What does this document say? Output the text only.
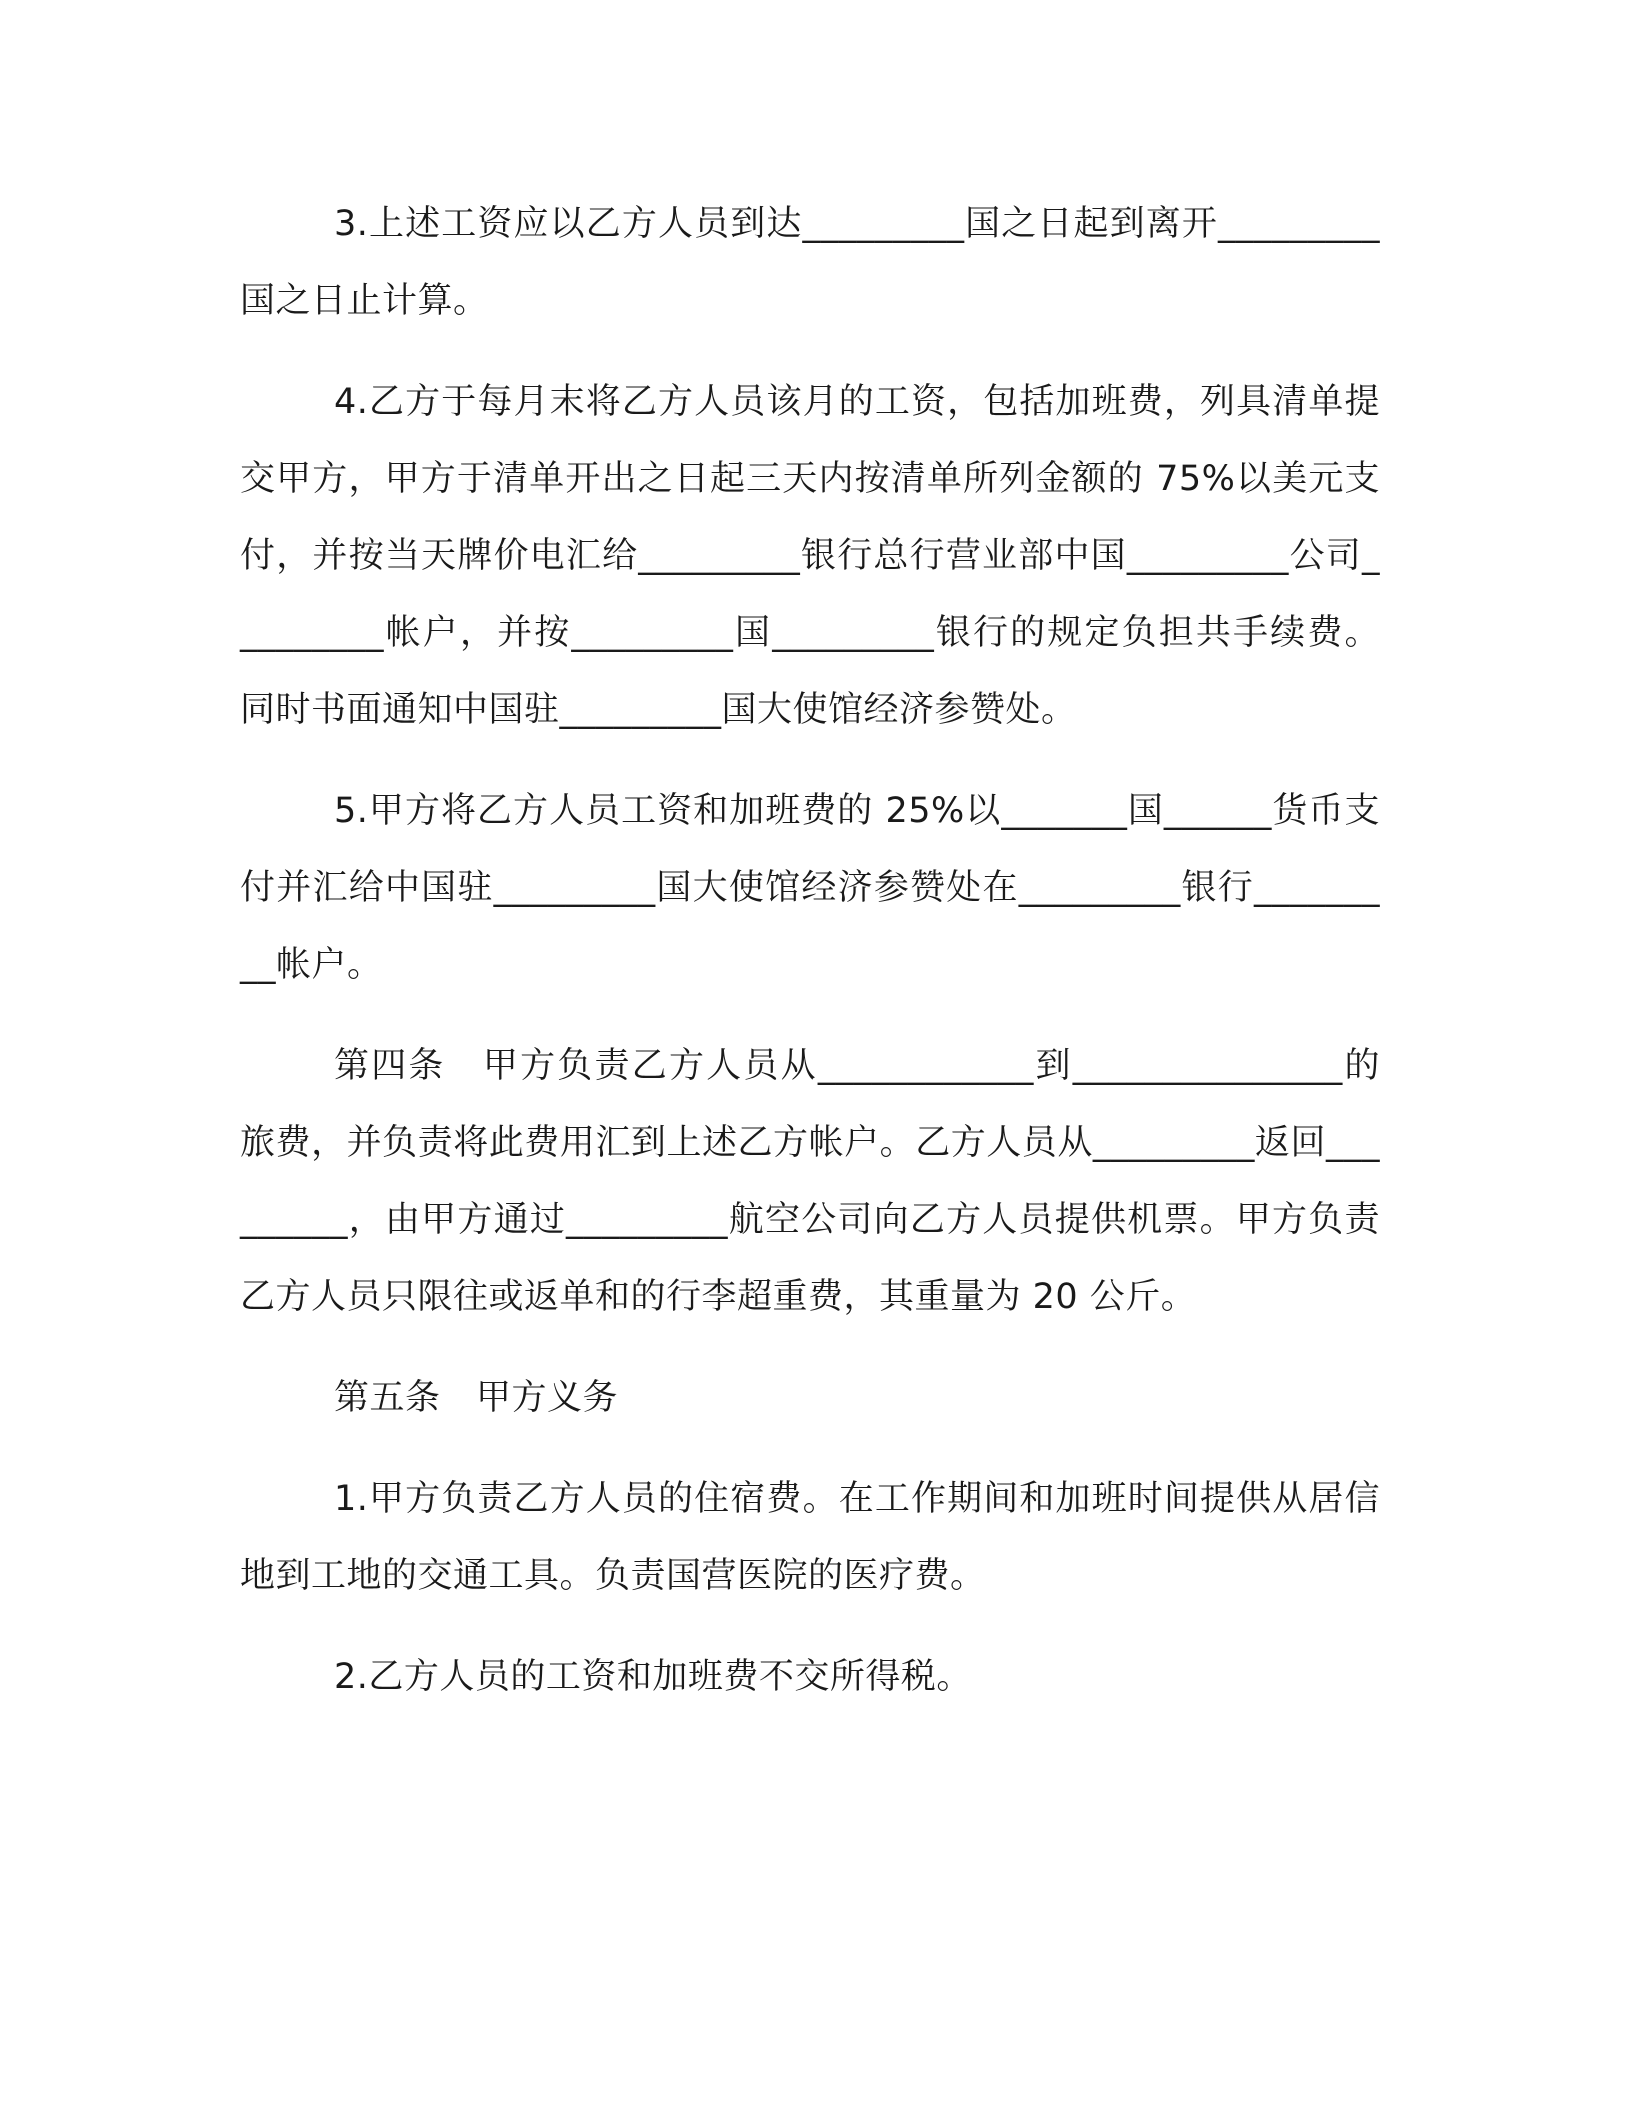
3.上述工资应以乙方人员到达_________国之日起到离开_________国之日止计算。

4.乙方于每月末将乙方人员该月的工资，包括加班费，列具清单提交甲方，甲方于清单开出之日起三天内按清单所列金额的 75%以美元支付，并按当天牌价电汇给_________银行总行营业部中国_________公司_________帐户，并按_________国_________银行的规定负担共手续费。同时书面通知中国驻_________国大使馆经济参赞处。

5.甲方将乙方人员工资和加班费的 25%以_______国______货币支付并汇给中国驻_________国大使馆经济参赞处在_________银行_________帐户。

第四条　甲方负责乙方人员从____________到_______________的旅费，并负责将此费用汇到上述乙方帐户。乙方人员从_________返回_________，由甲方通过_________航空公司向乙方人员提供机票。甲方负责乙方人员只限往或返单和的行李超重费，其重量为 20 公斤。

第五条　甲方义务

1.甲方负责乙方人员的住宿费。在工作期间和加班时间提供从居信地到工地的交通工具。负责国营医院的医疗费。

2.乙方人员的工资和加班费不交所得税。
